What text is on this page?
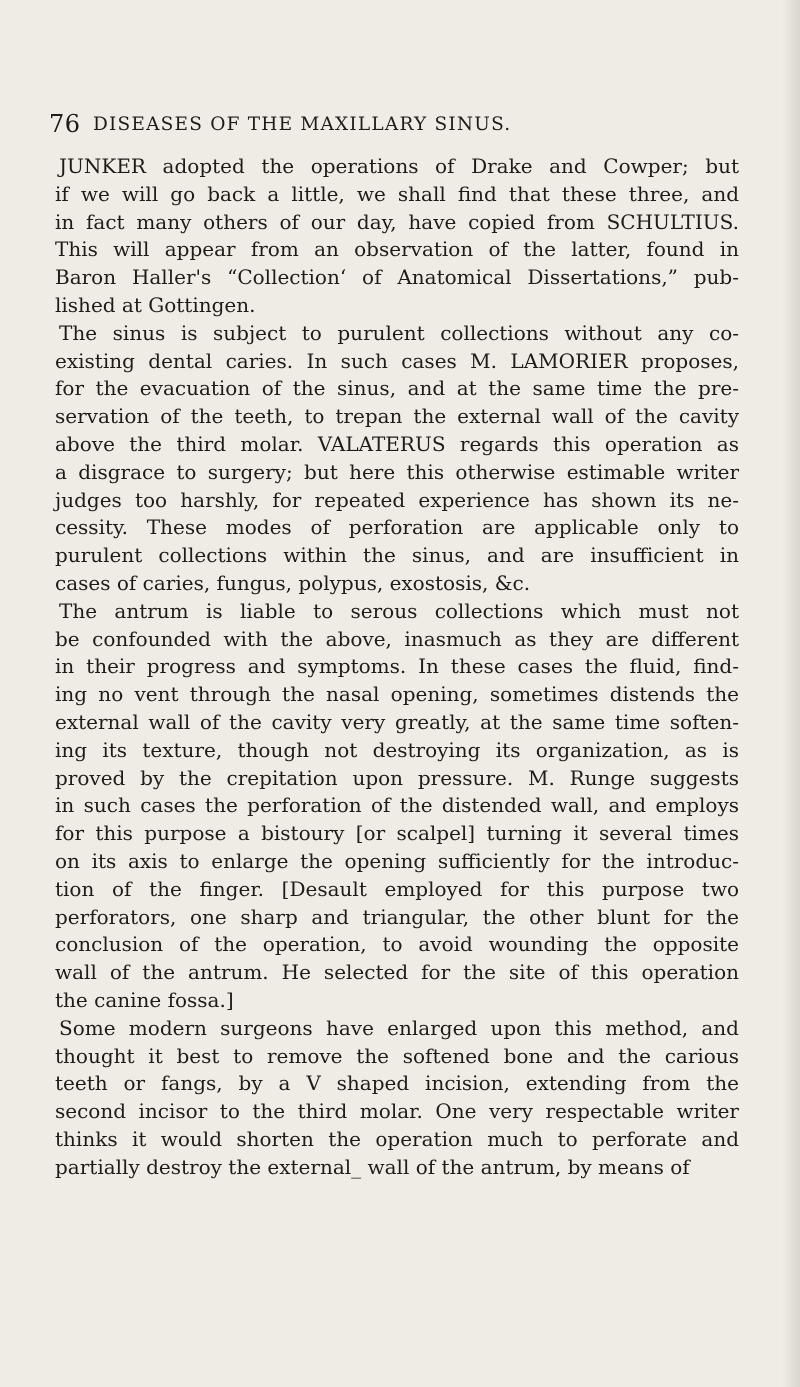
76 DISEASES OF THE MAXILLARY SINUS.
JUNKER adopted the operations of Drake and Cowper; but
if we will go back a little, we shall find that these three, and
in fact many others of our day, have copied from SCHULTIUS.
This will appear from an observation of the latter, found in
Baron Haller's “Collectionʻ of Anatomical Dissertations,” pub-
lished at Gottingen.
The sinus is subject to purulent collections without any co-
existing dental caries. In such cases M. LAMORIER proposes,
for the evacuation of the sinus, and at the same time the pre-
servation of the teeth, to trepan the external wall of the cavity
above the third molar. VALATERUS regards this operation as
a disgrace to surgery; but here this otherwise estimable writer
judges too harshly, for repeated experience has shown its ne-
cessity. These modes of perforation are applicable only to
purulent collections within the sinus, and are insufficient in
cases of caries, fungus, polypus, exostosis, &c.
The antrum is liable to serous collections which must not
be confounded with the above, inasmuch as they are different
in their progress and symptoms. In these cases the fluid, find-
ing no vent through the nasal opening, sometimes distends the
external wall of the cavity very greatly, at the same time soften-
ing its texture, though not destroying its organization, as is
proved by the crepitation upon pressure. M. Runge suggests
in such cases the perforation of the distended wall, and employs
for this purpose a bistoury [or scalpel] turning it several times
on its axis to enlarge the opening sufficiently for the introduc-
tion of the finger. [Desault employed for this purpose two
perforators, one sharp and triangular, the other blunt for the
conclusion of the operation, to avoid wounding the opposite
wall of the antrum. He selected for the site of this operation
the canine fossa.]
Some modern surgeons have enlarged upon this method, and
thought it best to remove the softened bone and the carious
teeth or fangs, by a V shaped incision, extending from the
second incisor to the third molar. One very respectable writer
thinks it would shorten the operation much to perforate and
partially destroy the external_ wall of the antrum, by means of
